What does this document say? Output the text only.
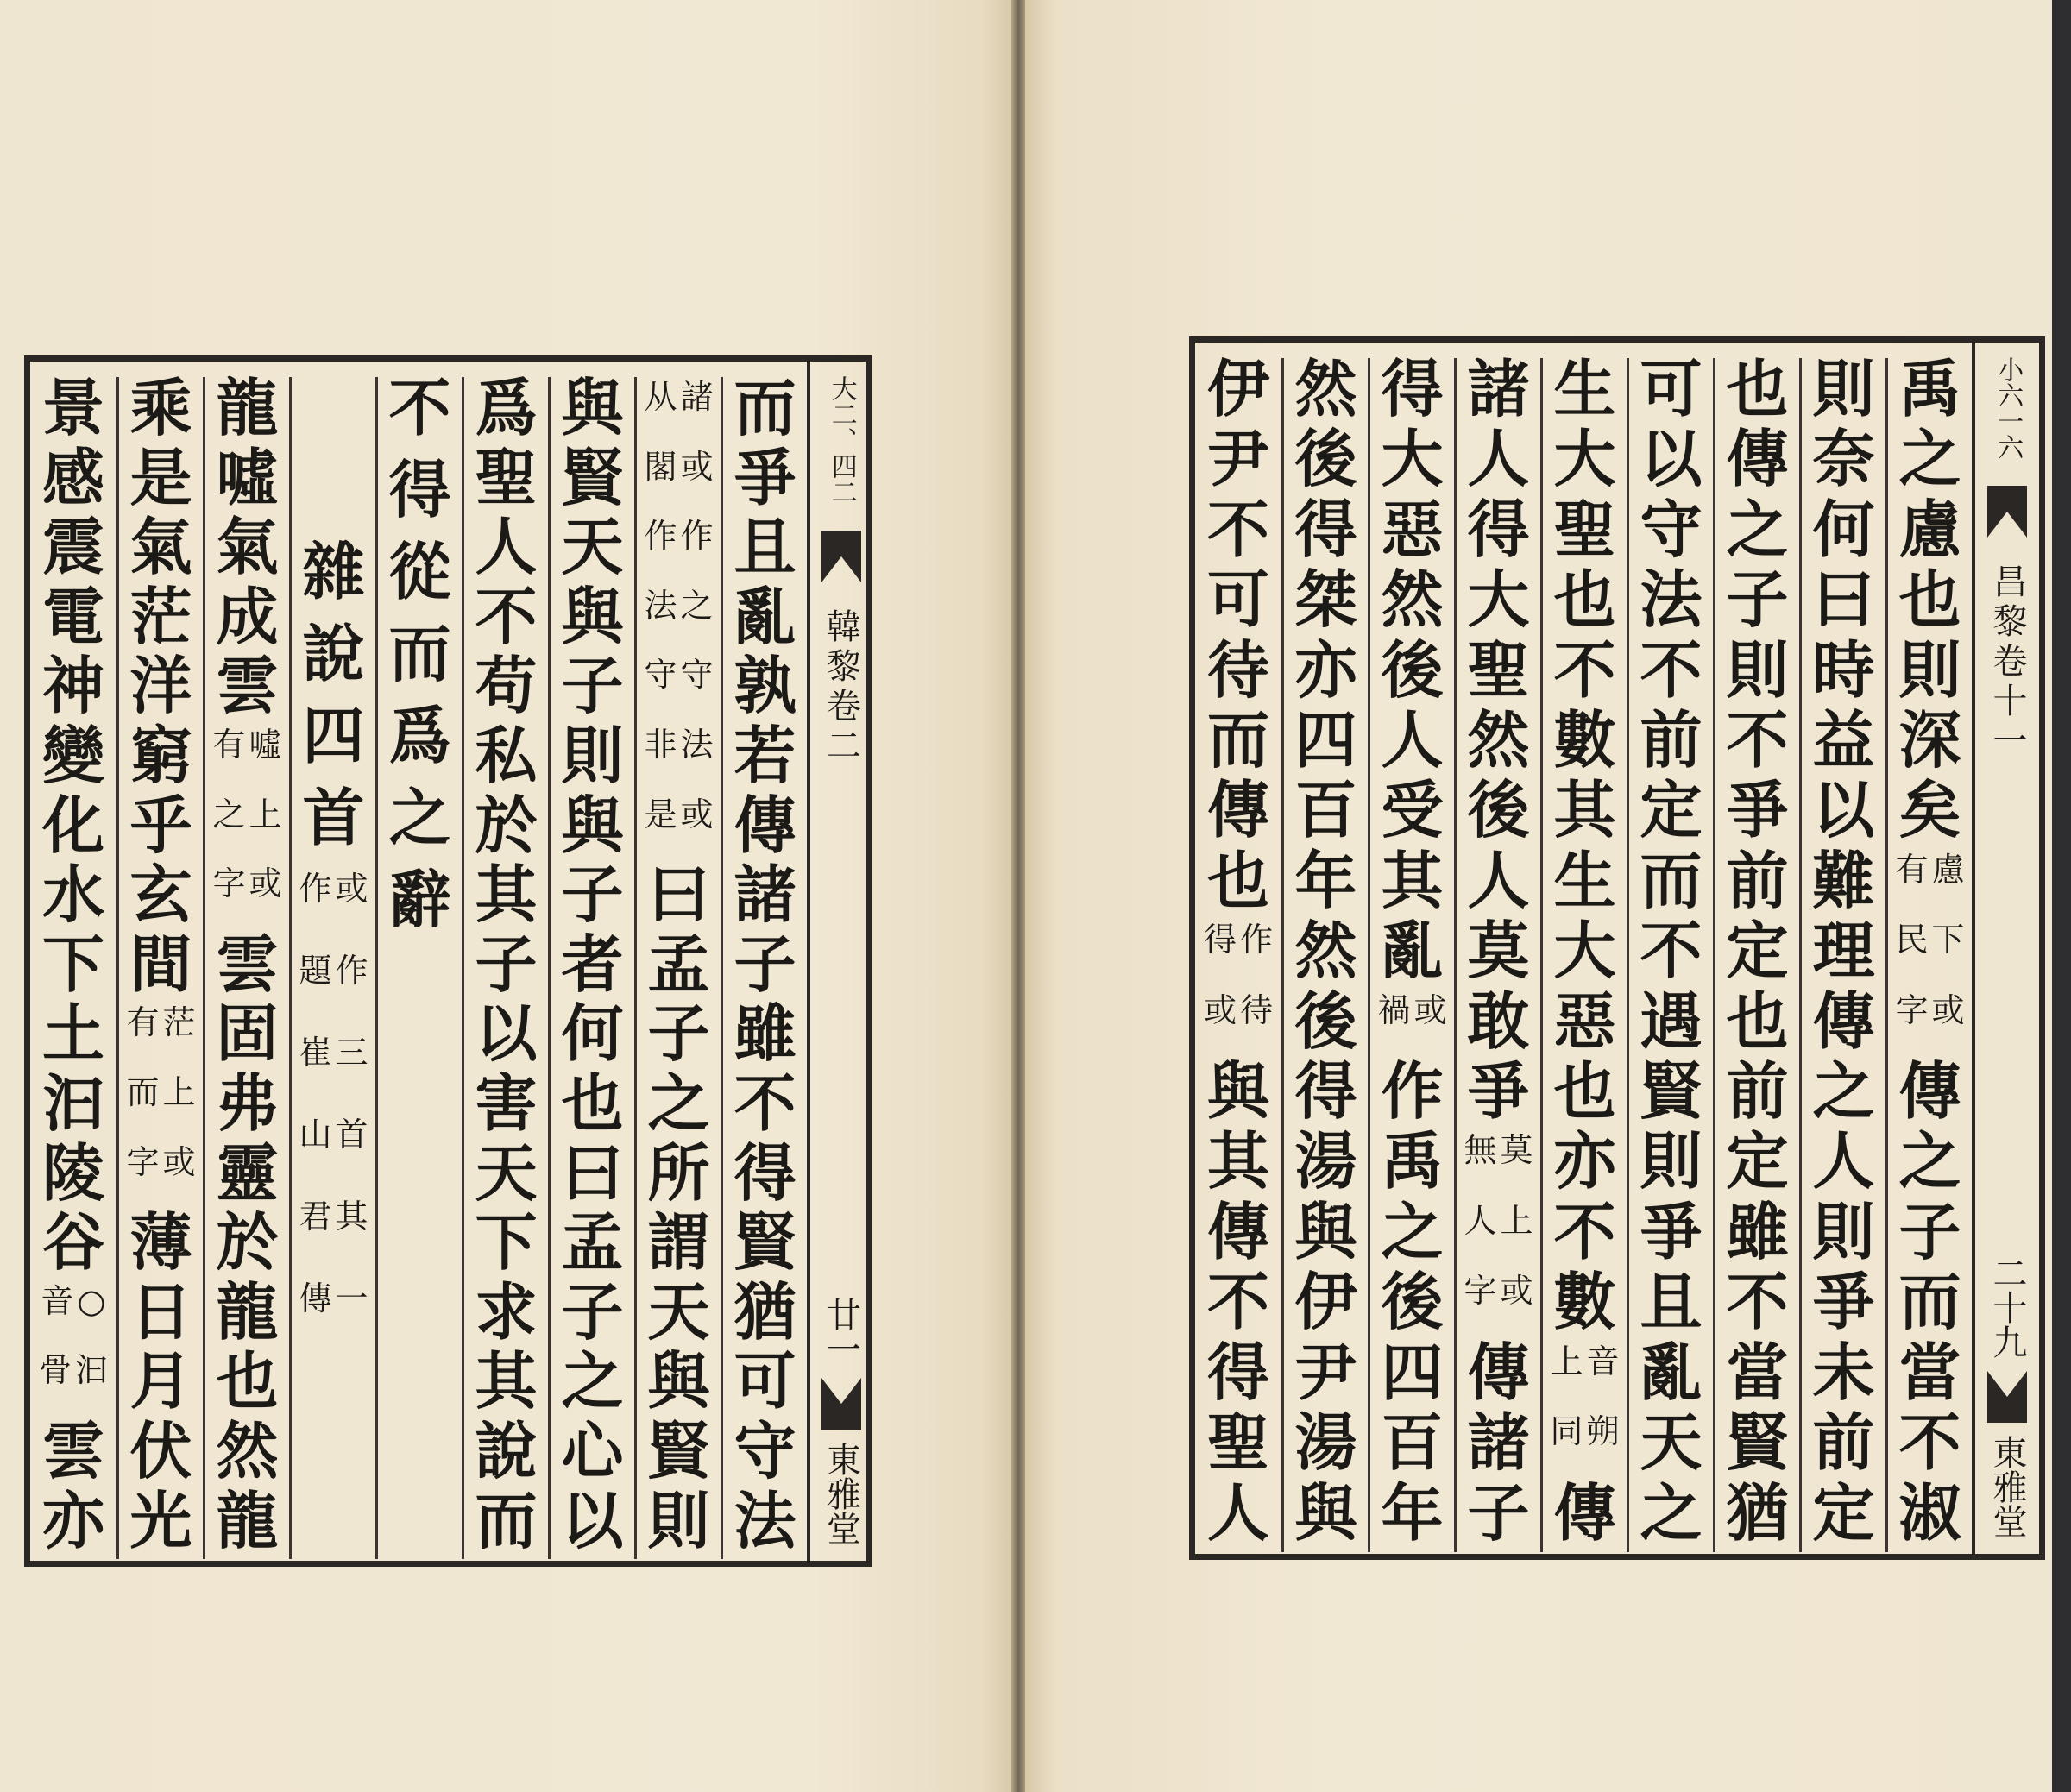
而
爭
且
亂
孰
若
傳
諸
子
雖
不
得
賢
猶
可
守
法
諸
从
或
閣
作
作
之
法
守
守
法
非
或
是
曰
孟
子
之
所
謂
天
與
賢
則
與
賢
天
與
子
則
與
子
者
何
也
曰
孟
子
之
心
以
爲
聖
人
不
苟
私
於
其
子
以
害
天
下
求
其
說
而
不
得
從
而
爲
之
辭

雜
說
四
首
或
作
作
題
三
崔
首
山
其
君
一
傳
龍
噓
氣
成
雲
噓
有
上
之
或
字
雲
固
弗
靈
於
龍
也
然
龍
乘
是
氣
茫
洋
窮
乎
玄
間
茫
有
上
而
或
字
薄
日
月
伏
光
景
感
震
電
神
變
化
水
下
土
汩
陵
谷
○
音
汩
骨
雲
亦
大二、四二
韓黎卷二
廿一
東雅堂
禹
之
慮
也
則
深
矣
慮
有
下
民
或
字
傳
之
子
而
當
不
淑
則
奈
何
曰
時
益
以
難
理
傳
之
人
則
爭
未
前
定
也
傳
之
子
則
不
爭
前
定
也
前
定
雖
不
當
賢
猶
可
以
守
法
不
前
定
而
不
遇
賢
則
爭
且
亂
天
之
生
大
聖
也
不
數
其
生
大
惡
也
亦
不
數
音
上
朔
同
傳
諸
人
得
大
聖
然
後
人
莫
敢
爭
莫
無
上
人
或
字
傳
諸
子
得
大
惡
然
後
人
受
其
亂
或
禍
作
禹
之
後
四
百
年
然
後
得
桀
亦
四
百
年
然
後
得
湯
與
伊
尹
湯
與
伊
尹
不
可
待
而
傳
也
作
得
待
或
與
其
傳
不
得
聖
人
小六一六
昌黎卷十一
二十九
東雅堂
